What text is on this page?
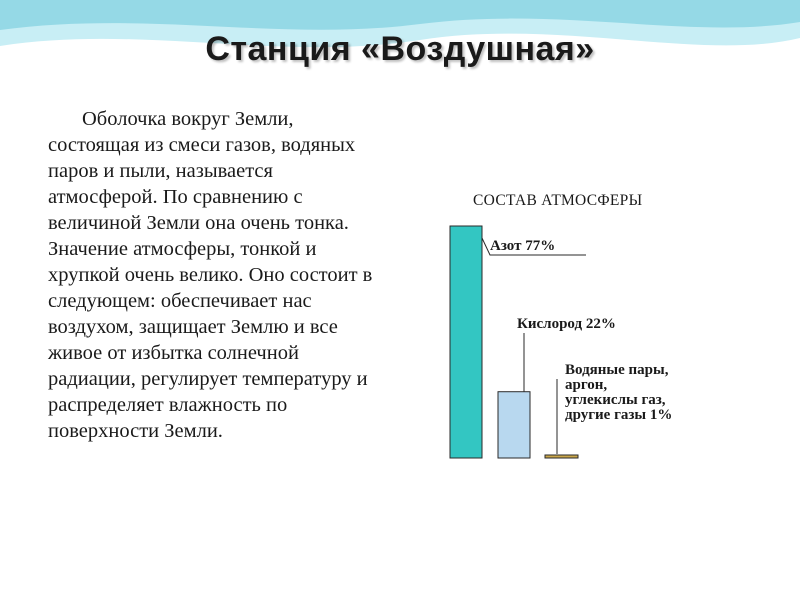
Станция «Воздушная»
Оболочка вокруг Земли, состоящая из смеси газов, водяных паров и пыли, называется атмосферой. По сравнению с величиной Земли она очень тонка. Значение атмосферы, тонкой и хрупкой очень велико. Оно состоит в следующем: обеспечивает нас воздухом, защищает Землю и все живое от избытка солнечной радиации, регулирует температуру и распределяет влажность по поверхности Земли.
СОСТАВ АТМОСФЕРЫ
Азот 77%
Кислород 22%
Водяные пары,
аргон,
углекислы газ,
другие газы 1%
